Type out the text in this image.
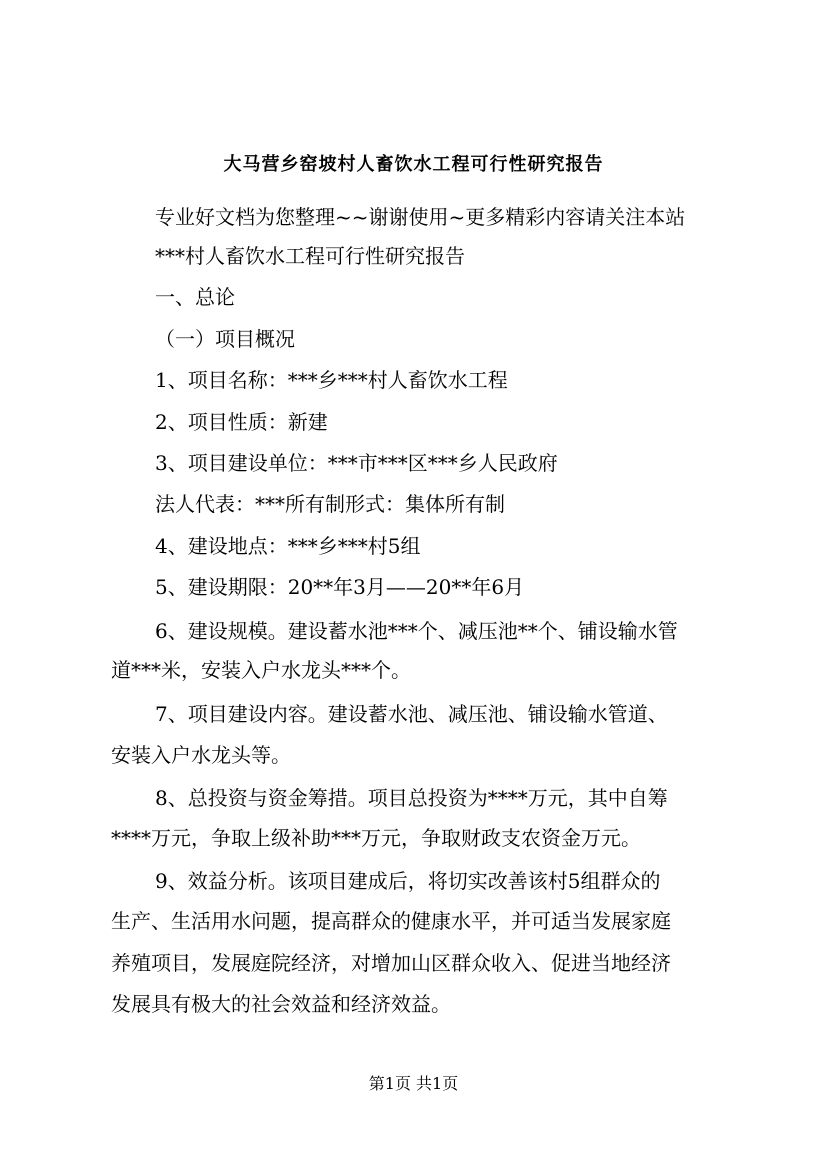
大马营乡窑坡村人畜饮水工程可行性研究报告
专业好文档为您整理~~谢谢使用~更多精彩内容请关注本站
***村人畜饮水工程可行性研究报告
一、总论
（一）项目概况
1、项目名称：***乡***村人畜饮水工程
2、项目性质：新建
3、项目建设单位：***市***区***乡人民政府
法人代表：***所有制形式：集体所有制
4、建设地点：***乡***村5组
5、建设期限：20**年3月——20**年6月
6、建设规模。建设蓄水池***个、减压池**个、铺设输水管
道***米，安装入户水龙头***个。
7、项目建设内容。建设蓄水池、减压池、铺设输水管道、
安装入户水龙头等。
8、总投资与资金筹措。项目总投资为****万元，其中自筹
****万元，争取上级补助***万元，争取财政支农资金万元。
9、效益分析。该项目建成后，将切实改善该村5组群众的
生产、生活用水问题，提高群众的健康水平，并可适当发展家庭
养殖项目，发展庭院经济，对增加山区群众收入、促进当地经济
发展具有极大的社会效益和经济效益。
第1页 共1页
